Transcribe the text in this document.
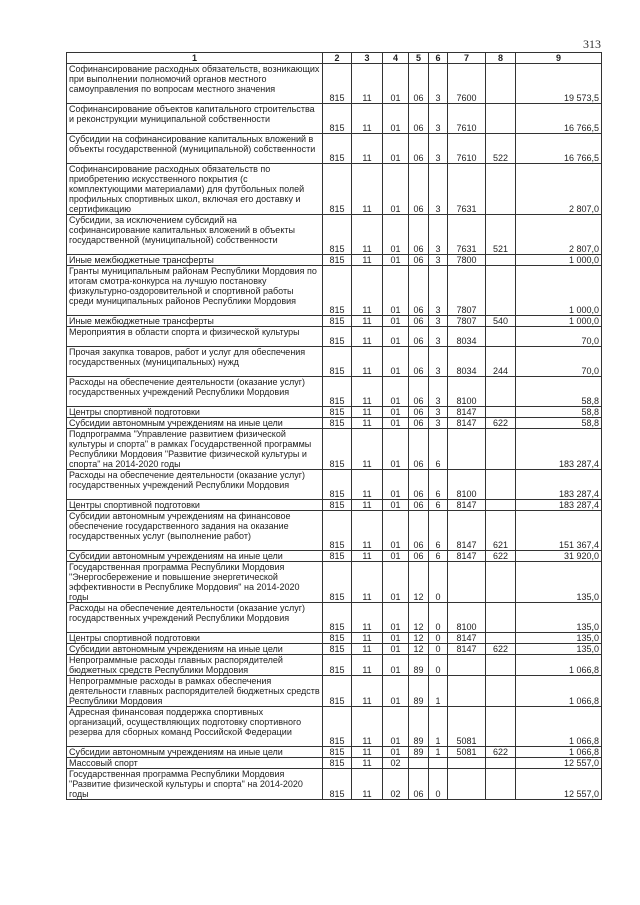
313
1	2	3	4	5	6	7	8	9
Софинансирование расходных обязательств, возникающих при выполнении полномочий органов местного самоуправления по вопросам местного значения	815	11	01	06	3	7600		19 573,5
Софинансирование объектов капитального строительства и реконструкции муниципальной собственности	815	11	01	06	3	7610		16 766,5
Субсидии на софинансирование капитальных вложений в объекты государственной (муниципальной) собственности	815	11	01	06	3	7610	522	16 766,5
Софинансирование расходных обязательств по приобретению искусственного покрытия (с комплектующими материалами) для футбольных полей профильных спортивных школ, включая его доставку и сертификацию	815	11	01	06	3	7631		2 807,0
Субсидии, за исключением субсидий на софинансирование капитальных вложений в объекты государственной (муниципальной) собственности	815	11	01	06	3	7631	521	2 807,0
Иные межбюджетные трансферты	815	11	01	06	3	7800		1 000,0
Гранты муниципальным районам Республики Мордовия по итогам смотра-конкурса на лучшую постановку физкультурно-оздоровительной и спортивной работы среди муниципальных районов Республики Мордовия	815	11	01	06	3	7807		1 000,0
Иные межбюджетные трансферты	815	11	01	06	3	7807	540	1 000,0
Мероприятия в области спорта и физической культуры	815	11	01	06	3	8034		70,0
Прочая закупка товаров, работ и услуг для обеспечения государственных (муниципальных) нужд	815	11	01	06	3	8034	244	70,0
Расходы на обеспечение деятельности (оказание услуг) государственных учреждений Республики Мордовия	815	11	01	06	3	8100		58,8
Центры спортивной подготовки	815	11	01	06	3	8147		58,8
Субсидии автономным учреждениям на иные цели	815	11	01	06	3	8147	622	58,8
Подпрограмма "Управление развитием физической культуры и спорта" в рамках Государственной программы Республики Мордовия "Развитие физической культуры и спорта" на 2014-2020 годы	815	11	01	06	6			183 287,4
Расходы на обеспечение деятельности (оказание услуг) государственных учреждений Республики Мордовия	815	11	01	06	6	8100		183 287,4
Центры спортивной подготовки	815	11	01	06	6	8147		183 287,4
Субсидии автономным учреждениям на финансовое обеспечение государственного задания на оказание государственных услуг (выполнение работ)	815	11	01	06	6	8147	621	151 367,4
Субсидии автономным учреждениям на иные цели	815	11	01	06	6	8147	622	31 920,0
Государственная программа Республики Мордовия "Энергосбережение и повышение энергетической эффективности в Республике Мордовия" на 2014-2020 годы	815	11	01	12	0			135,0
Расходы на обеспечение деятельности (оказание услуг) государственных учреждений Республики Мордовия	815	11	01	12	0	8100		135,0
Центры спортивной подготовки	815	11	01	12	0	8147		135,0
Субсидии автономным учреждениям на иные цели	815	11	01	12	0	8147	622	135,0
Непрограммные расходы главных распорядителей бюджетных средств Республики Мордовия	815	11	01	89	0			1 066,8
Непрограммные расходы в рамках обеспечения деятельности главных распорядителей бюджетных средств Республики Мордовия	815	11	01	89	1			1 066,8
Адресная финансовая поддержка спортивных организаций, осуществляющих подготовку спортивного резерва для сборных команд Российской Федерации	815	11	01	89	1	5081		1 066,8
Субсидии автономным учреждениям на иные цели	815	11	01	89	1	5081	622	1 066,8
Массовый спорт	815	11	02					12 557,0
Государственная программа Республики Мордовия "Развитие физической культуры и спорта" на 2014-2020 годы	815	11	02	06	0			12 557,0
